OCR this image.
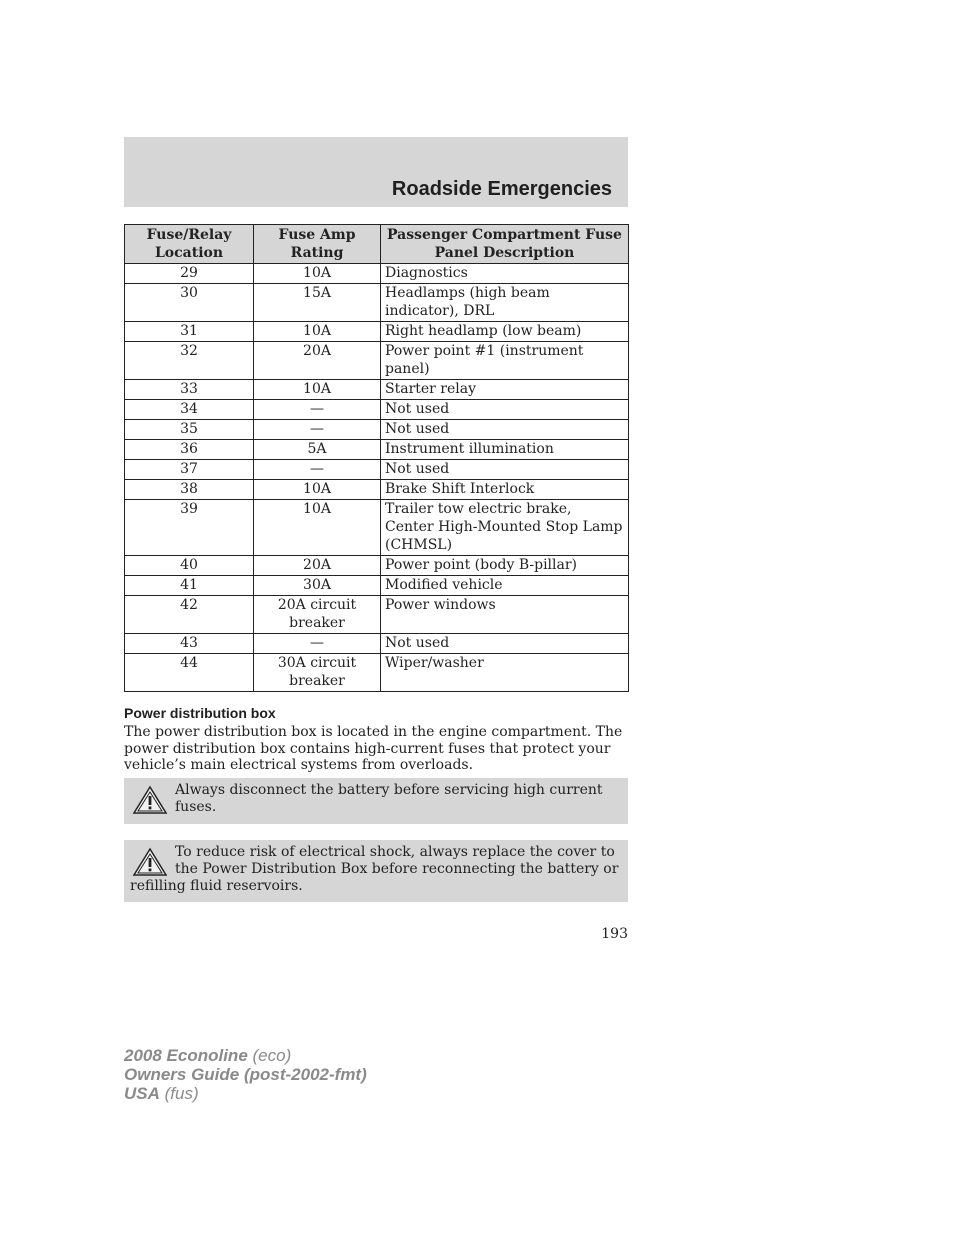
Roadside Emergencies
Fuse/Relay Location	Fuse Amp Rating	Passenger Compartment Fuse Panel Description
29	10A	Diagnostics
30	15A	Headlamps (high beam indicator), DRL
31	10A	Right headlamp (low beam)
32	20A	Power point #1 (instrument panel)
33	10A	Starter relay
34	—	Not used
35	—	Not used
36	5A	Instrument illumination
37	—	Not used
38	10A	Brake Shift Interlock
39	10A	Trailer tow electric brake, Center High-Mounted Stop Lamp (CHMSL)
40	20A	Power point (body B-pillar)
41	30A	Modified vehicle
42	20A circuit breaker	Power windows
43	—	Not used
44	30A circuit breaker	Wiper/washer
Power distribution box

The power distribution box is located in the engine compartment. The power distribution box contains high-current fuses that protect your vehicle’s main electrical systems from overloads.

Always disconnect the battery before servicing high current fuses.
To reduce risk of electrical shock, always replace the cover to the Power Distribution Box before reconnecting the battery or refilling fluid reservoirs.
193
2008 Econoline (eco)
Owners Guide (post-2002-fmt)
USA (fus)
